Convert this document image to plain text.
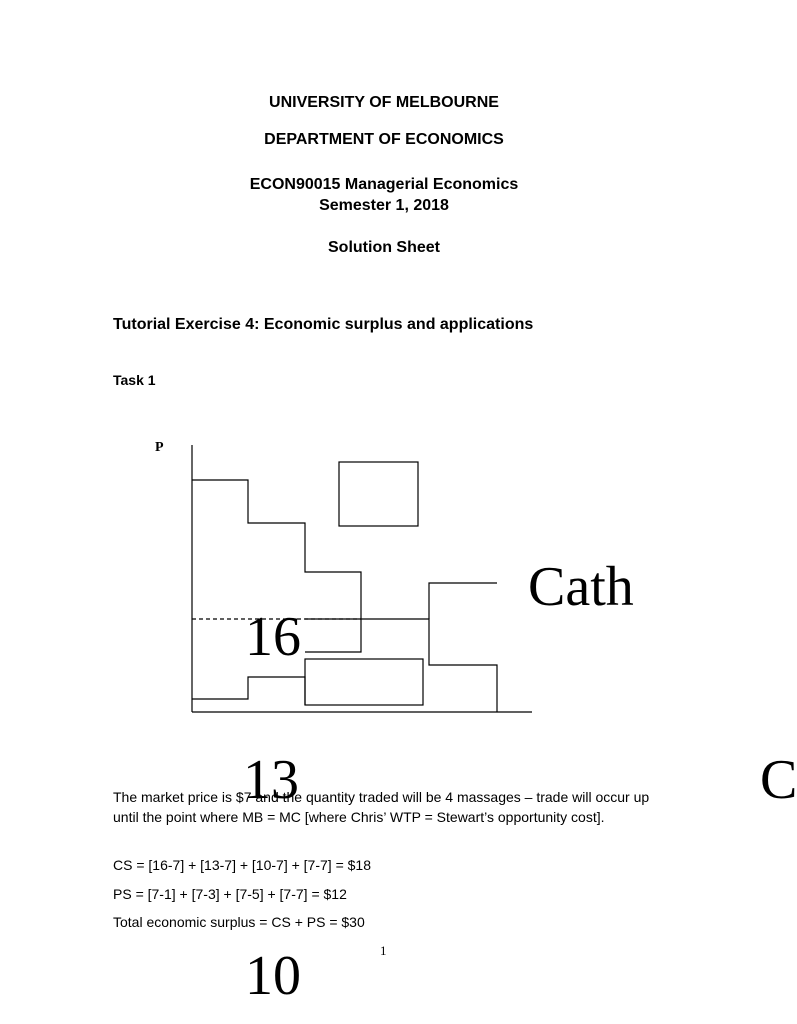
UNIVERSITY OF MELBOURNE
DEPARTMENT OF ECONOMICS
ECON90015 Managerial Economics
Semester 1, 2018
Solution Sheet
Tutorial Exercise 4: Economic surplus and applications
Task 1
P
16
13
10
Cath
C
The market price is $7 and the quantity traded will be 4 massages – trade will occur up until the point where MB = MC [where Chris’ WTP = Stewart’s opportunity cost].
CS = [16-7] + [13-7] + [10-7] + [7-7] = $18
PS = [7-1] + [7-3] + [7-5] + [7-7] = $12
Total economic surplus = CS + PS = $30
1
